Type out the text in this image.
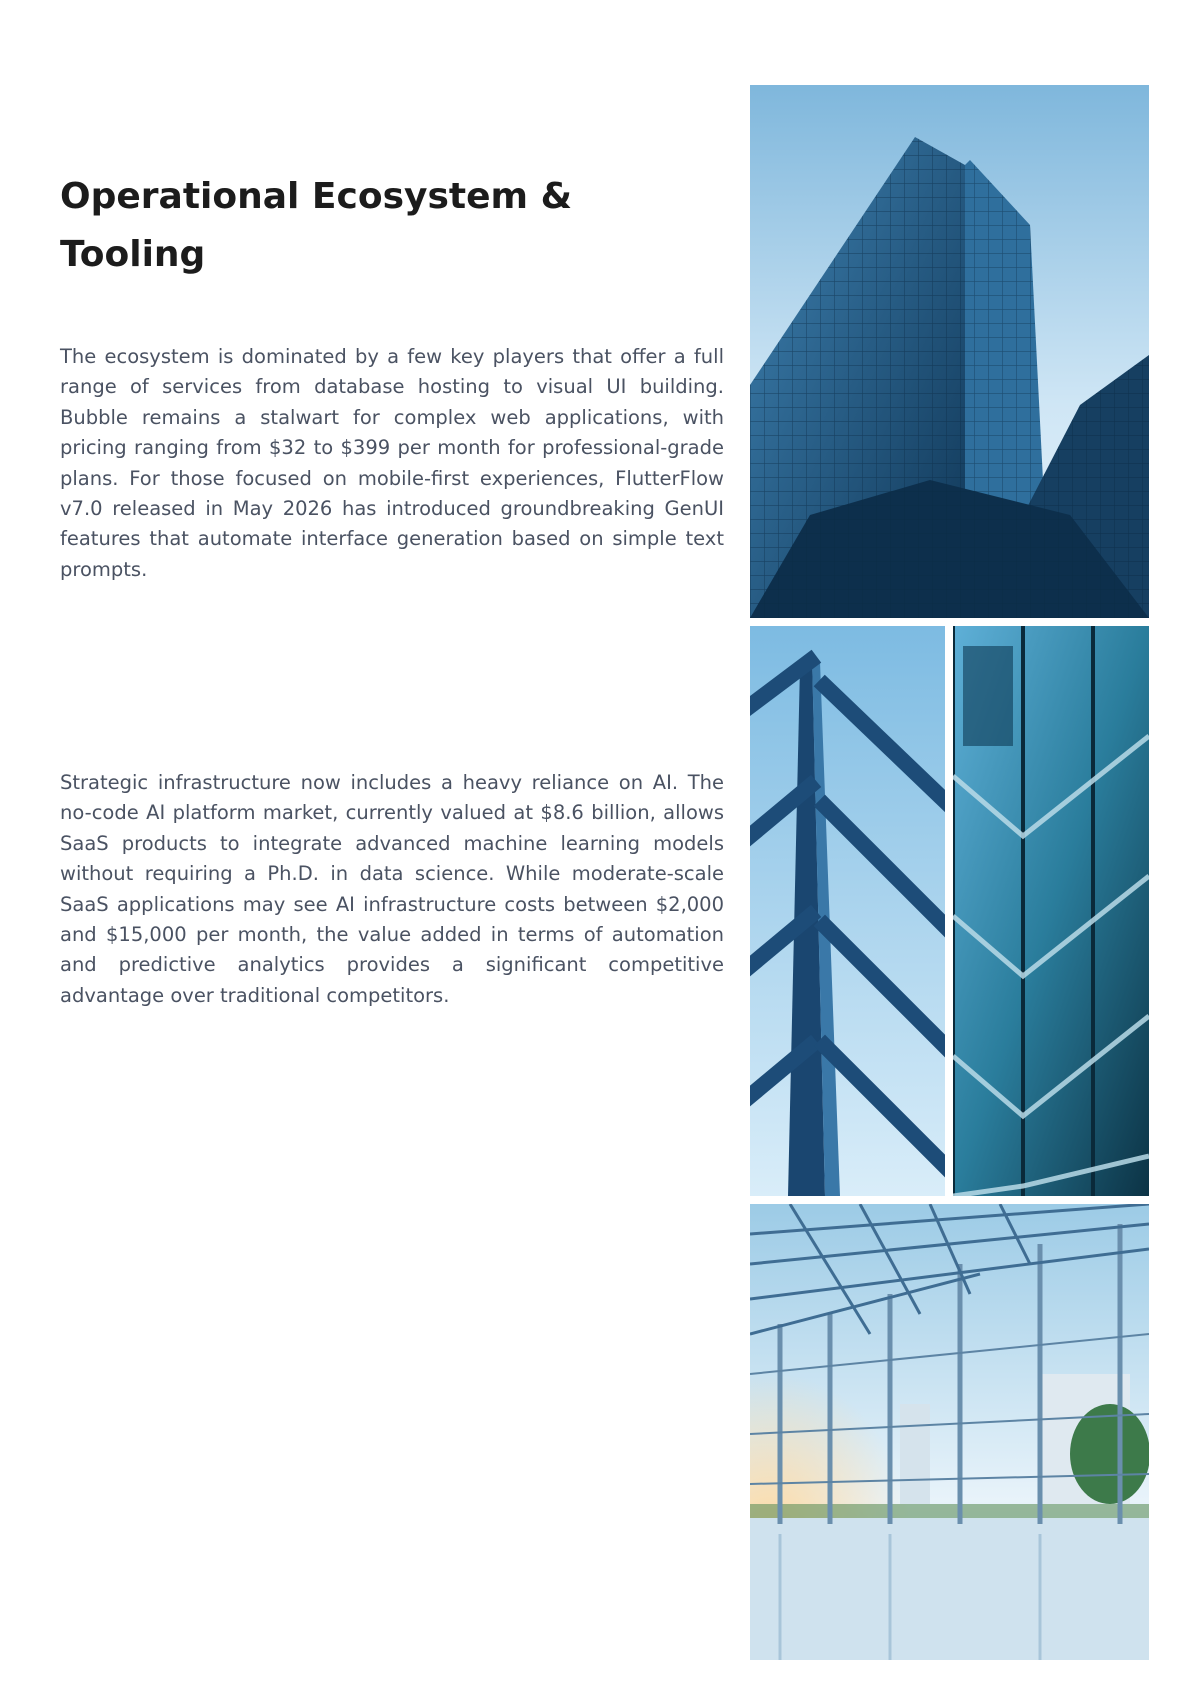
Operational Ecosystem & Tooling

The ecosystem is dominated by a few key players that offer a full range of services from database hosting to visual UI building. Bubble remains a stalwart for complex web applications, with pricing ranging from $32 to $399 per month for professional-grade plans. For those focused on mobile-first experiences, FlutterFlow v7.0 released in May 2026 has introduced groundbreaking GenUI features that automate interface generation based on simple text prompts.

Strategic infrastructure now includes a heavy reliance on AI. The no-code AI platform market, currently valued at $8.6 billion, allows SaaS products to integrate advanced machine learning models without requiring a Ph.D. in data science. While moderate-scale SaaS applications may see AI infrastructure costs between $2,000 and $15,000 per month, the value added in terms of automation and predictive analytics provides a significant competitive advantage over traditional competitors.
